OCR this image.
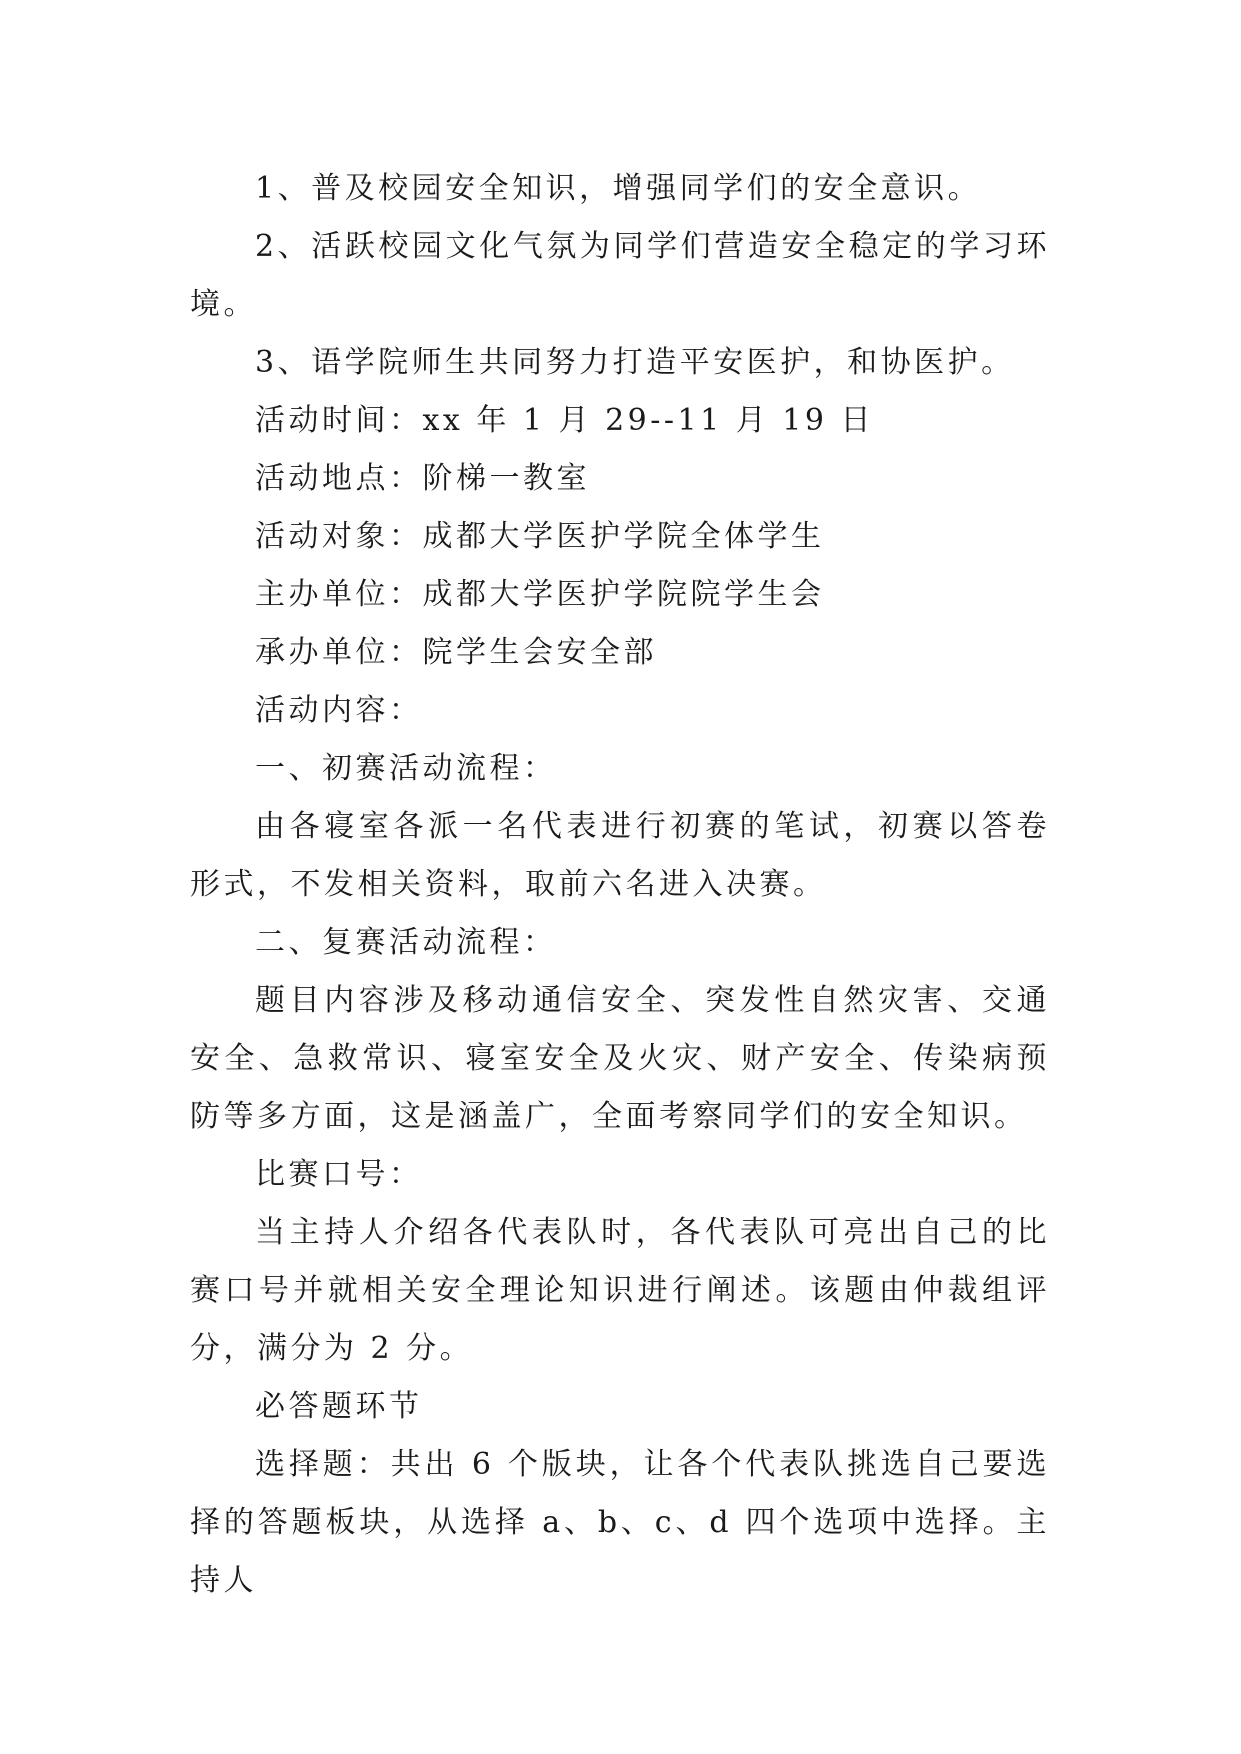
1、普及校园安全知识，增强同学们的安全意识。

2、活跃校园文化气氛为同学们营造安全稳定的学习环境。

3、语学院师生共同努力打造平安医护，和协医护。

活动时间：xx 年 1 月 29--11 月 19 日

活动地点：阶梯一教室

活动对象：成都大学医护学院全体学生

主办单位：成都大学医护学院院学生会

承办单位：院学生会安全部

活动内容：

一、初赛活动流程：

由各寝室各派一名代表进行初赛的笔试，初赛以答卷形式，不发相关资料，取前六名进入决赛。

二、复赛活动流程：

题目内容涉及移动通信安全、突发性自然灾害、交通安全、急救常识、寝室安全及火灾、财产安全、传染病预防等多方面，这是涵盖广，全面考察同学们的安全知识。

比赛口号：

当主持人介绍各代表队时，各代表队可亮出自己的比赛口号并就相关安全理论知识进行阐述。该题由仲裁组评分，满分为 2 分。

必答题环节

选择题：共出 6 个版块，让各个代表队挑选自己要选择的答题板块，从选择 a、b、c、d 四个选项中选择。主持人
